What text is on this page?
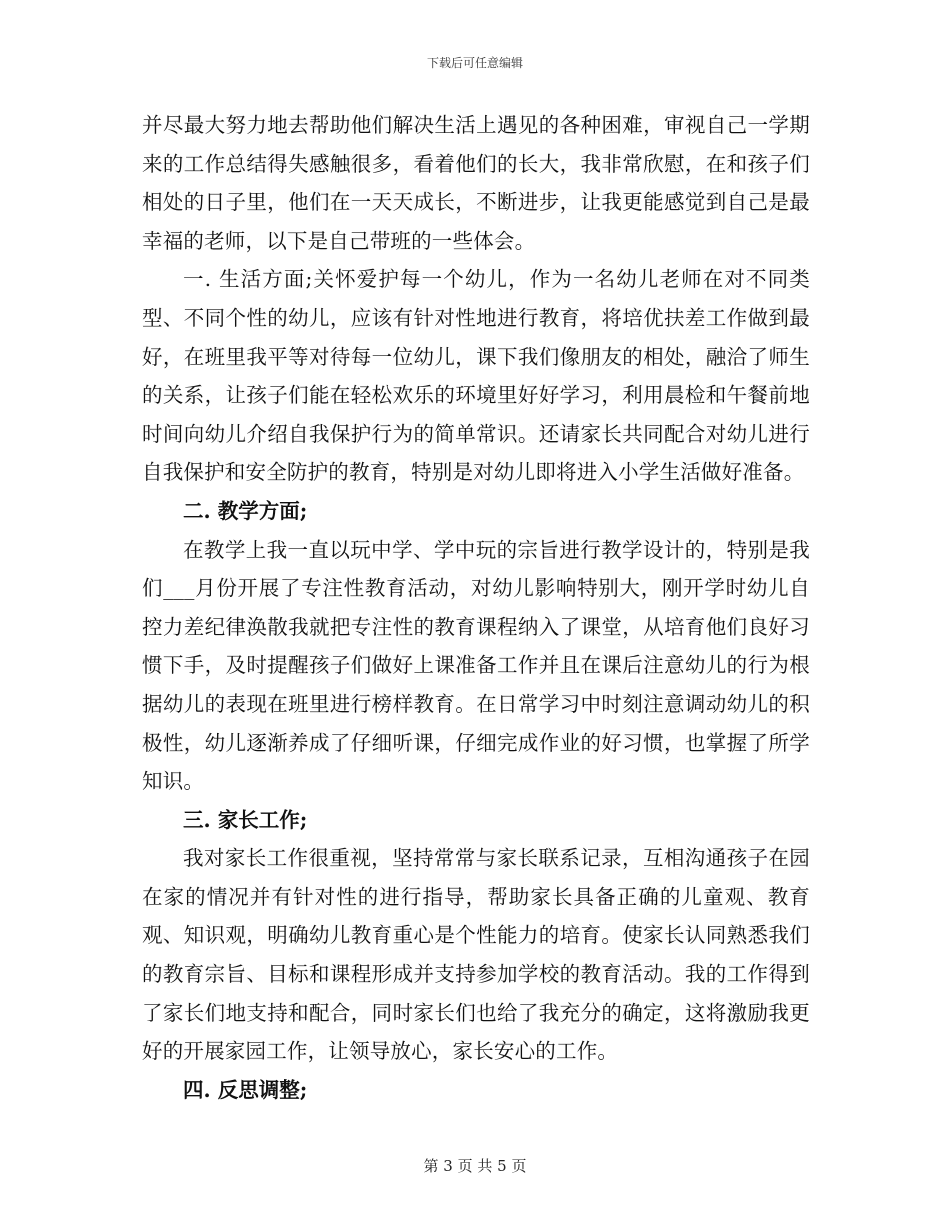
下载后可任意编辑

并尽最大努力地去帮助他们解决生活上遇见的各种困难，审视自己一学期来的工作总结得失感触很多，看着他们的长大，我非常欣慰，在和孩子们相处的日子里，他们在一天天成长，不断进步，让我更能感觉到自己是最幸福的老师，以下是自己带班的一些体会。

一. 生活方面;关怀爱护每一个幼儿，作为一名幼儿老师在对不同类型、不同个性的幼儿，应该有针对性地进行教育，将培优扶差工作做到最好，在班里我平等对待每一位幼儿，课下我们像朋友的相处，融洽了师生的关系，让孩子们能在轻松欢乐的环境里好好学习，利用晨检和午餐前地时间向幼儿介绍自我保护行为的简单常识。还请家长共同配合对幼儿进行自我保护和安全防护的教育，特别是对幼儿即将进入小学生活做好准备。

二. 教学方面;

在教学上我一直以玩中学、学中玩的宗旨进行教学设计的，特别是我们___月份开展了专注性教育活动，对幼儿影响特别大，刚开学时幼儿自控力差纪律涣散我就把专注性的教育课程纳入了课堂，从培育他们良好习惯下手，及时提醒孩子们做好上课准备工作并且在课后注意幼儿的行为根据幼儿的表现在班里进行榜样教育。在日常学习中时刻注意调动幼儿的积极性，幼儿逐渐养成了仔细听课，仔细完成作业的好习惯，也掌握了所学知识。

三. 家长工作;

我对家长工作很重视，坚持常常与家长联系记录，互相沟通孩子在园在家的情况并有针对性的进行指导，帮助家长具备正确的儿童观、教育观、知识观，明确幼儿教育重心是个性能力的培育。使家长认同熟悉我们的教育宗旨、目标和课程形成并支持参加学校的教育活动。我的工作得到了家长们地支持和配合，同时家长们也给了我充分的确定，这将激励我更好的开展家园工作，让领导放心，家长安心的工作。

四. 反思调整;

第 3 页 共 5 页
